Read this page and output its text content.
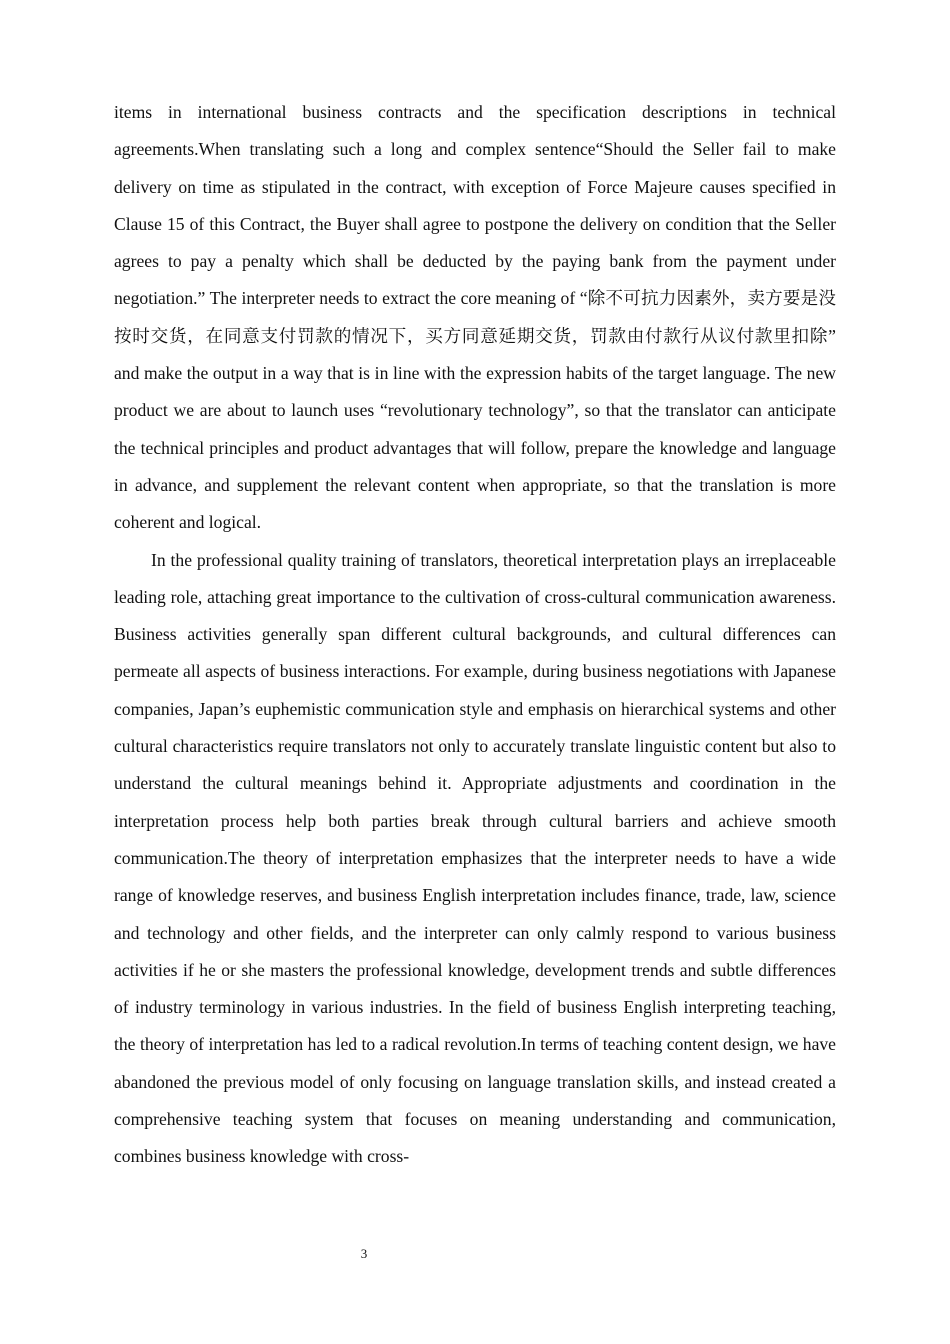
items in international business contracts and the specification descriptions in technical agreements.When translating such a long and complex sentence“Should the Seller fail to make delivery on time as stipulated in the contract, with exception of Force Majeure causes specified in Clause 15 of this Contract, the Buyer shall agree to postpone the delivery on condition that the Seller agrees to pay a penalty which shall be deducted by the paying bank from the payment under negotiation.” The interpreter needs to extract the core meaning of “除不可抗力因素外，卖方要是没按时交货，在同意支付罚款的情况下，买方同意延期交货，罚款由付款行从议付款里扣除” and make the output in a way that is in line with the expression habits of the target language. The new product we are about to launch uses “revolutionary technology”, so that the translator can anticipate the technical principles and product advantages that will follow, prepare the knowledge and language in advance, and supplement the relevant content when appropriate, so that the translation is more coherent and logical.

In the professional quality training of translators, theoretical interpretation plays an irreplaceable leading role, attaching great importance to the cultivation of cross-cultural communication awareness. Business activities generally span different cultural backgrounds, and cultural differences can permeate all aspects of business interactions. For example, during business negotiations with Japanese companies, Japan’s euphemistic communication style and emphasis on hierarchical systems and other cultural characteristics require translators not only to accurately translate linguistic content but also to understand the cultural meanings behind it. Appropriate adjustments and coordination in the interpretation process help both parties break through cultural barriers and achieve smooth communication.The theory of interpretation emphasizes that the interpreter needs to have a wide range of knowledge reserves, and business English interpretation includes finance, trade, law, science and technology and other fields, and the interpreter can only calmly respond to various business activities if he or she masters the professional knowledge, development trends and subtle differences of industry terminology in various industries. In the field of business English interpreting teaching, the theory of interpretation has led to a radical revolution.In terms of teaching content design, we have abandoned the previous model of only focusing on language translation skills, and instead created a comprehensive teaching system that focuses on meaning understanding and communication, combines business knowledge with cross-

3
